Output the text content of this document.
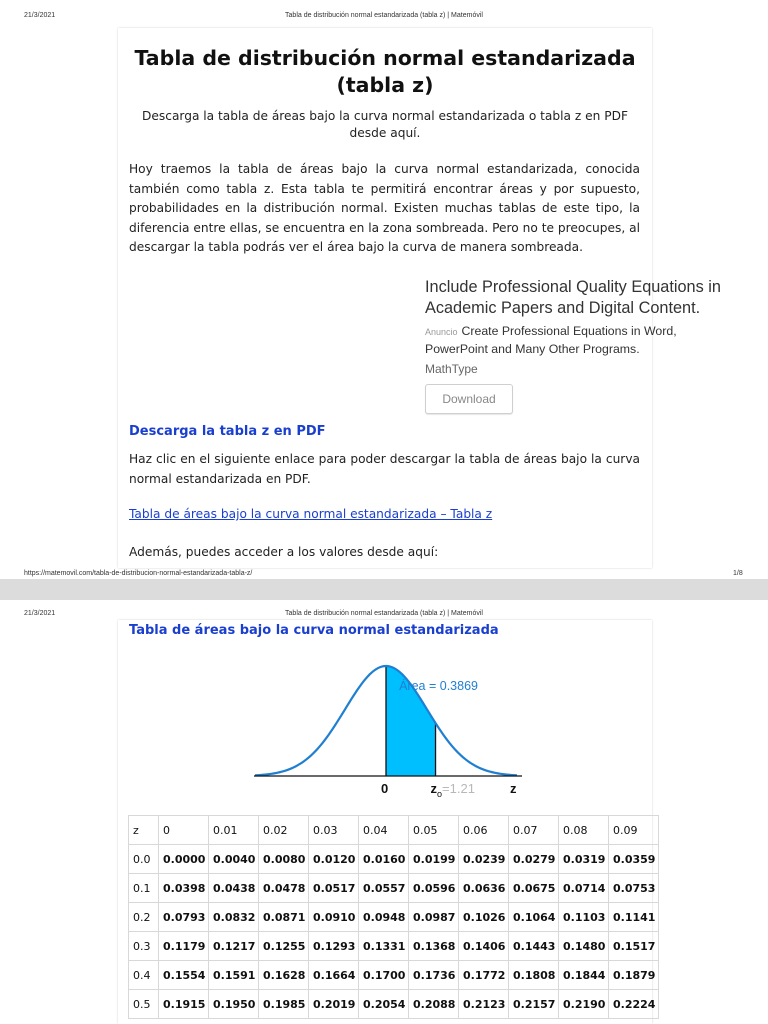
21/3/2021	Tabla de distribución normal estandarizada (tabla z) | Matemóvil
Tabla de distribución normal estandarizada
(tabla z)
Descarga la tabla de áreas bajo la curva normal estandarizada o tabla z en PDF desde aquí.
Hoy traemos la tabla de áreas bajo la curva normal estandarizada, conocida también como tabla z. Esta tabla te permitirá encontrar áreas y por supuesto, probabilidades en la distribución normal. Existen muchas tablas de este tipo, la diferencia entre ellas, se encuentra en la zona sombreada. Pero no te preocupes, al descargar la tabla podrás ver el área bajo la curva de manera sombreada.
Include Professional Quality Equations in Academic Papers and Digital Content.
Anuncio Create Professional Equations in Word, PowerPoint and Many Other Programs.
MathType
Download
Descarga la tabla z en PDF
Haz clic en el siguiente enlace para poder descargar la tabla de áreas bajo la curva normal estandarizada en PDF.
Tabla de áreas bajo la curva normal estandarizada – Tabla z
Además, puedes acceder a los valores desde aquí:
https://matemovil.com/tabla-de-distribucion-normal-estandarizada-tabla-z/	1/8
21/3/2021	Tabla de distribución normal estandarizada (tabla z) | Matemóvil
Tabla de áreas bajo la curva normal estandarizada
Área = 0.3869
0	$z_o=1.21$	z
z	0	0.01	0.02	0.03	0.04	0.05	0.06	0.07	0.08	0.09
0.0	0.0000	0.0040	0.0080	0.0120	0.0160	0.0199	0.0239	0.0279	0.0319	0.0359
0.1	0.0398	0.0438	0.0478	0.0517	0.0557	0.0596	0.0636	0.0675	0.0714	0.0753
0.2	0.0793	0.0832	0.0871	0.0910	0.0948	0.0987	0.1026	0.1064	0.1103	0.1141
0.3	0.1179	0.1217	0.1255	0.1293	0.1331	0.1368	0.1406	0.1443	0.1480	0.1517
0.4	0.1554	0.1591	0.1628	0.1664	0.1700	0.1736	0.1772	0.1808	0.1844	0.1879
0.5	0.1915	0.1950	0.1985	0.2019	0.2054	0.2088	0.2123	0.2157	0.2190	0.2224
